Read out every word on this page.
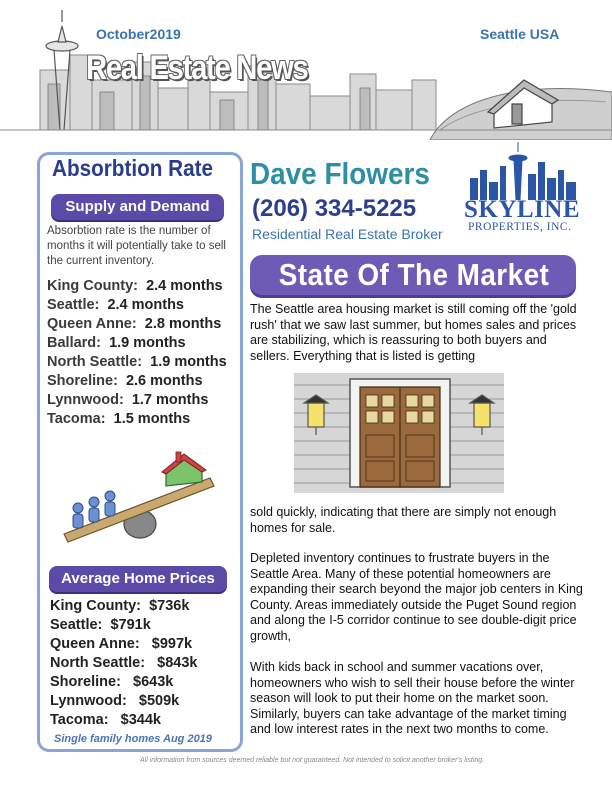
October2019	Seattle USA
Real Estate News
Absorbtion Rate
Supply and Demand
Absorbtion rate is the number of months it will potentially take to sell the current inventory.
King County: 2.4 months
Seattle: 2.4 months
Queen Anne: 2.8 months
Ballard: 1.9 months
North Seattle: 1.9 months
Shoreline: 2.6 months
Lynnwood: 1.7 months
Tacoma: 1.5 months
Average Home Prices
King County: $736k
Seattle: $791k
Queen Anne: $997k
North Seattle: $843k
Shoreline: $643k
Lynnwood: $509k
Tacoma: $344k
Single family homes Aug 2019
Dave Flowers
(206) 334-5225
Residential Real Estate Broker
SKYLINE
PROPERTIES, INC.
State Of The Market
The Seattle area housing market is still coming off the 'gold rush' that we saw last summer, but homes sales and prices are stabilizing, which is reassuring to both buyers and sellers. Everything that is listed is getting
sold quickly, indicating that there are simply not enough homes for sale.
Depleted inventory continues to frustrate buyers in the Seattle Area. Many of these potential homeowners are expanding their search beyond the major job centers in King County. Areas immediately outside the Puget Sound region and along the I-5 corridor continue to see double-digit price growth,
With kids back in school and summer vacations over, homeowners who wish to sell their house before the winter season will look to put their home on the market soon. Similarly, buyers can take advantage of the market timing and low interest rates in the next two months to come.
All information from sources deemed reliable but not guaranteed. Not intended to solicit another broker's listing.
